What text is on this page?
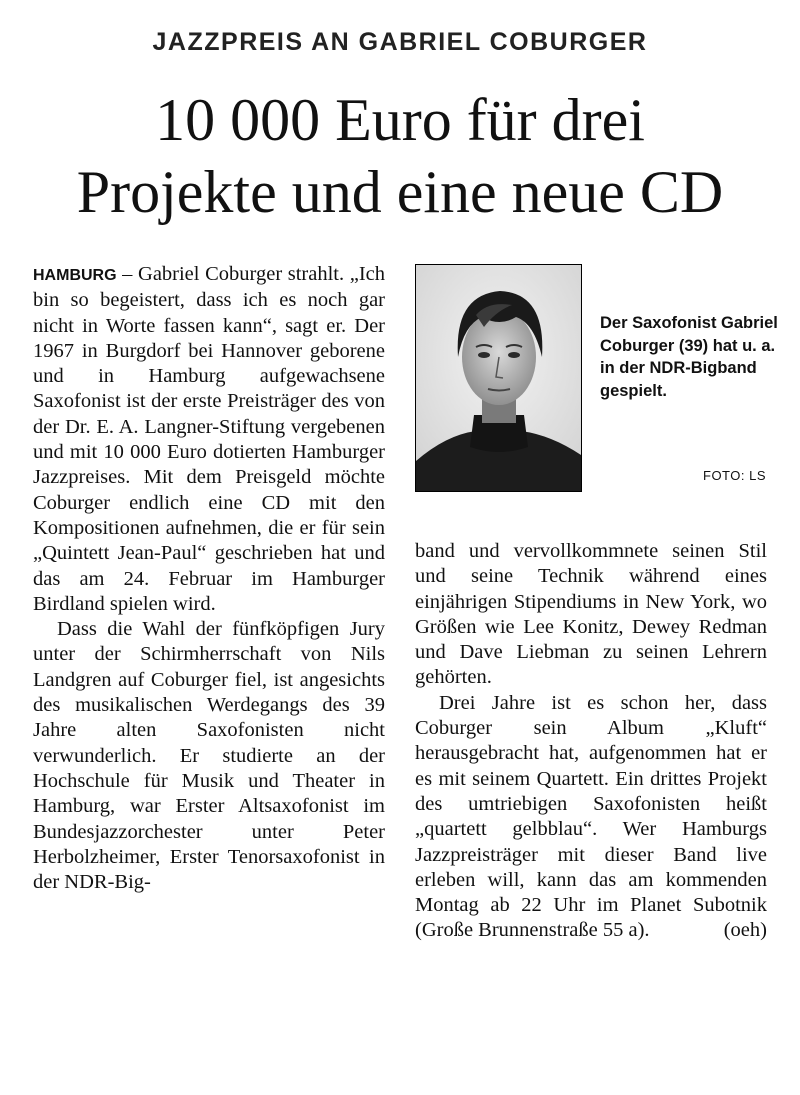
JAZZPREIS AN GABRIEL COBURGER
10 000 Euro für drei
Projekte und eine neue CD

HAMBURG – Gabriel Coburger strahlt. „Ich bin so begeistert, dass ich es noch gar nicht in Worte fassen kann“, sagt er. Der 1967 in Burgdorf bei Hannover geborene und in Hamburg aufgewachsene Saxofonist ist der erste Preisträger des von der Dr. E. A. Langner-Stiftung vergebenen und mit 10 000 Euro dotierten Hamburger Jazzpreises. Mit dem Preisgeld möchte Coburger endlich eine CD mit den Kompositionen aufnehmen, die er für sein „Quintett Jean-Paul“ geschrieben hat und das am 24. Februar im Hamburger Birdland spielen wird.

Dass die Wahl der fünfköpfigen Jury unter der Schirmherrschaft von Nils Landgren auf Coburger fiel, ist angesichts des musikalischen Werdegangs des 39 Jahre alten Saxofonisten nicht verwunderlich. Er studierte an der Hochschule für Musik und Theater in Hamburg, war Erster Altsaxofonist im Bundesjazzorchester unter Peter Herbolzheimer, Erster Tenorsaxofonist in der NDR-Big-

Der Saxofonist Gabriel Coburger (39) hat u. a. in der NDR-Bigband gespielt.
FOTO: LS

band und vervollkommnete seinen Stil und seine Technik während eines einjährigen Stipendiums in New York, wo Größen wie Lee Konitz, Dewey Redman und Dave Liebman zu seinen Lehrern gehörten.

Drei Jahre ist es schon her, dass Coburger sein Album „Kluft“ herausgebracht hat, aufgenommen hat er es mit seinem Quartett. Ein drittes Projekt des umtriebigen Saxofonisten heißt „quartett gelbblau“. Wer Hamburgs Jazzpreisträger mit dieser Band live erleben will, kann das am kommenden Montag ab 22 Uhr im Planet Subotnik (Große Brunnenstraße 55 a).	(oeh)
